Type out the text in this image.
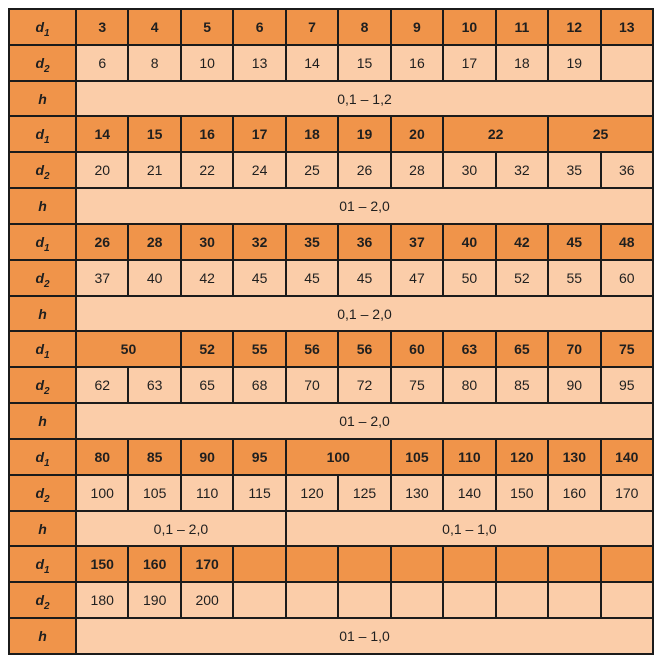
$d_1$	3	4	5	6	7	8	9	10	11	12	13
$d_2$	6	8	10	13	14	15	16	17	18	19	
h	0,1 – 1,2										
$d_1$	14	15	16	17	18	19	20	22		25	
$d_2$	20	21	22	24	25	26	28	30	32	35	36
h	01 – 2,0										
$d_1$	26	28	30	32	35	36	37	40	42	45	48
$d_2$	37	40	42	45	45	45	47	50	52	55	60
h	0,1 – 2,0										
$d_1$	50		52	55	56	56	60	63	65	70	75
$d_2$	62	63	65	68	70	72	75	80	85	90	95
h	01 – 2,0										
$d_1$	80	85	90	95	100		105	110	120	130	140
$d_2$	100	105	110	115	120	125	130	140	150	160	170
h	0,1 – 2,0				0,1 – 1,0						
$d_1$	150	160	170								
$d_2$	180	190	200								
h	01 – 1,0										
